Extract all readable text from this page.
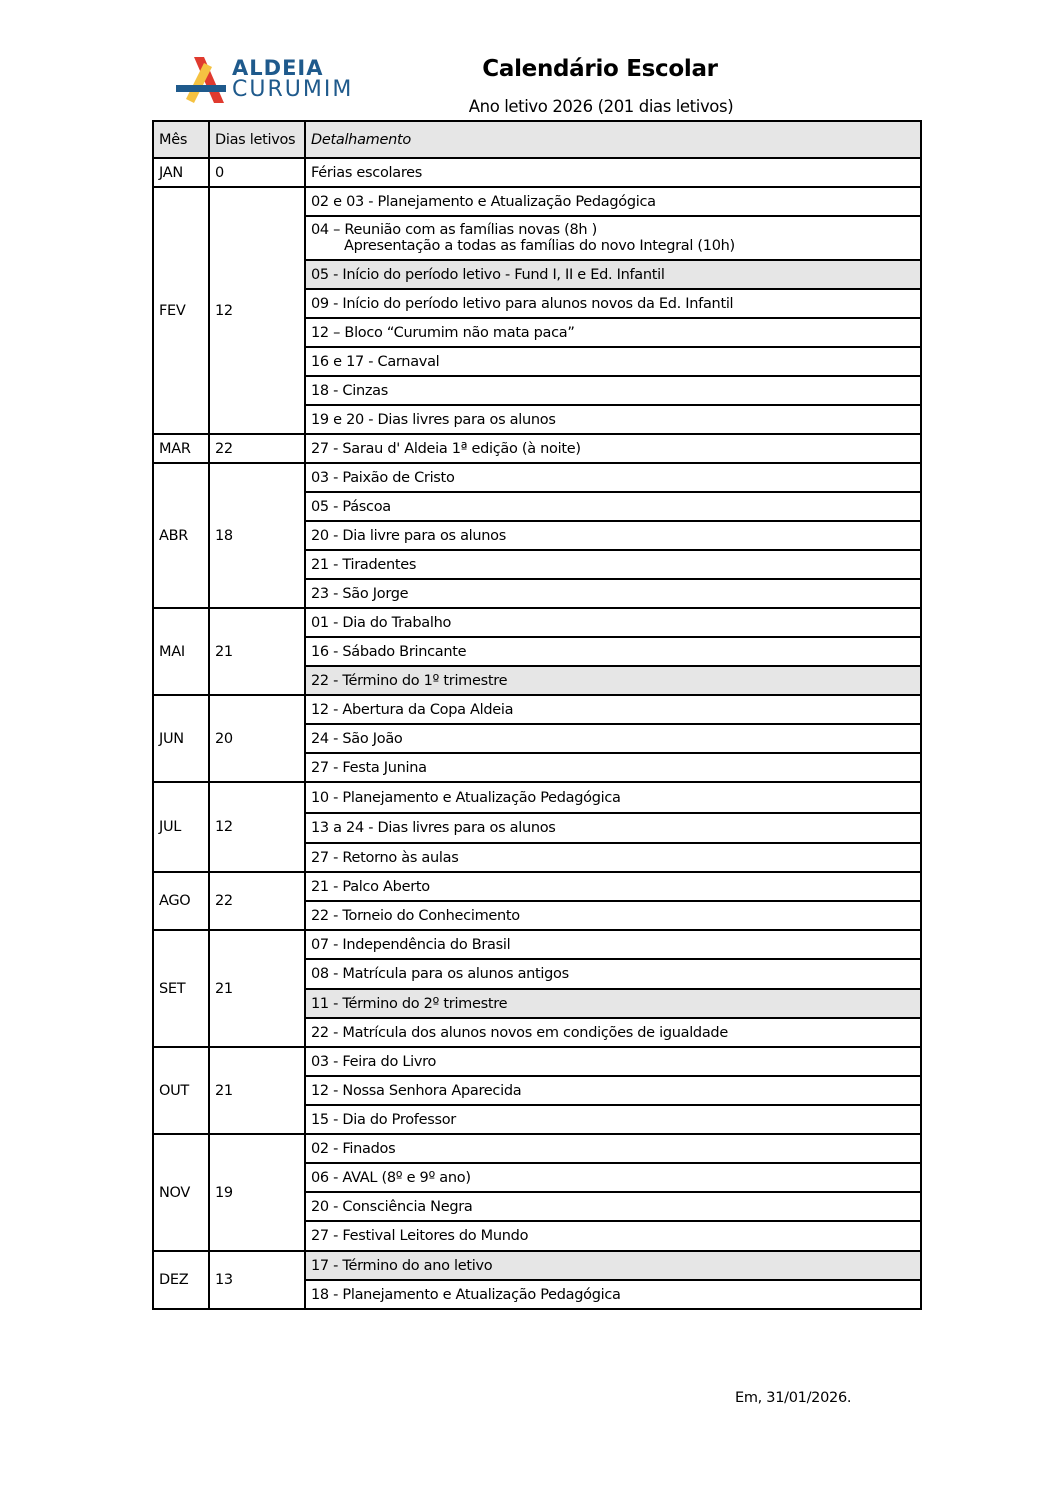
ALDEIA
CURUMIM
Calendário Escolar
Ano letivo 2026 (201 dias letivos)
Mês	Dias letivos	Detalhamento
JAN	0	Férias escolares
FEV	12	02 e 03 - Planejamento e Atualização Pedagógica
		04 – Reunião com as famílias novas (8h )
Apresentação a todas as famílias do novo Integral (10h)

		05 - Início do período letivo - Fund I, II e Ed. Infantil
		09 - Início do período letivo para alunos novos da Ed. Infantil
		12 – Bloco “Curumim não mata paca”
		16 e 17 - Carnaval
		18 - Cinzas
		19 e 20 - Dias livres para os alunos
MAR	22	27 - Sarau d' Aldeia 1ª edição (à noite)
ABR	18	03 - Paixão de Cristo
		05 - Páscoa
		20 - Dia livre para os alunos
		21 - Tiradentes
		23 - São Jorge
MAI	21	01 - Dia do Trabalho
		16 - Sábado Brincante
		22 - Término do 1º trimestre
JUN	20	12 - Abertura da Copa Aldeia
		24 - São João
		27 - Festa Junina
JUL	12	10 - Planejamento e Atualização Pedagógica
		13 a 24 - Dias livres para os alunos
		27 - Retorno às aulas
AGO	22	21 - Palco Aberto
		22 - Torneio do Conhecimento
SET	21	07 - Independência do Brasil
		08 - Matrícula para os alunos antigos
		11 - Término do 2º trimestre
		22 - Matrícula dos alunos novos em condições de igualdade
OUT	21	03 - Feira do Livro
		12 - Nossa Senhora Aparecida
		15 - Dia do Professor
NOV	19	02 - Finados
		06 - AVAL (8º e 9º ano)
		20 - Consciência Negra
		27 - Festival Leitores do Mundo
DEZ	13	17 - Término do ano letivo
		18 - Planejamento e Atualização Pedagógica
Em, 31/01/2026.
